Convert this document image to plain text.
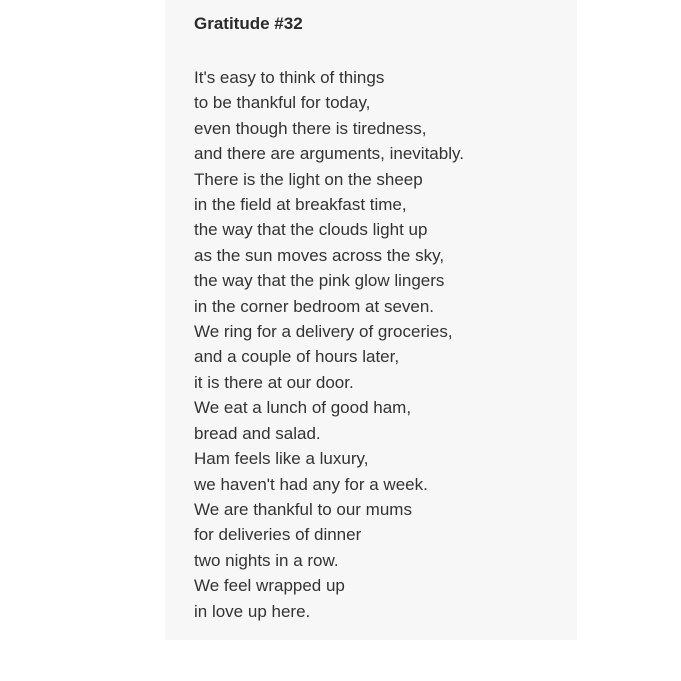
Gratitude #32
It's easy to think of things
to be thankful for today,
even though there is tiredness,
and there are arguments, inevitably.
There is the light on the sheep
in the field at breakfast time,
the way that the clouds light up
as the sun moves across the sky,
the way that the pink glow lingers
in the corner bedroom at seven.
We ring for a delivery of groceries,
and a couple of hours later,
it is there at our door.
We eat a lunch of good ham,
bread and salad.
Ham feels like a luxury,
we haven't had any for a week.
We are thankful to our mums
for deliveries of dinner
two nights in a row.
We feel wrapped up
in love up here.
